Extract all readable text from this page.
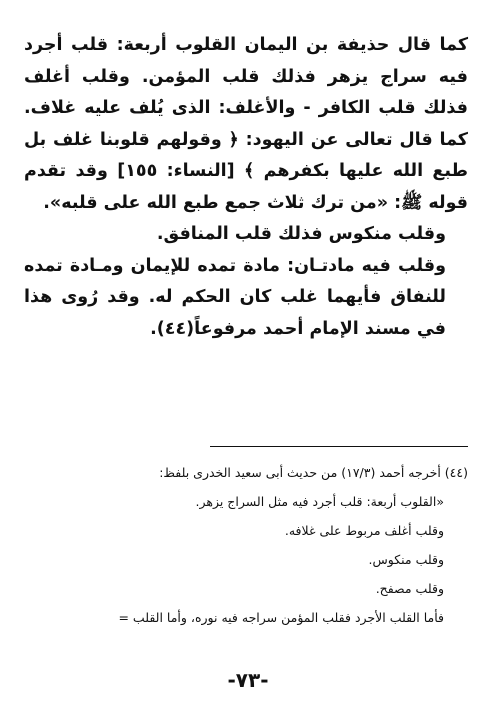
كما قال حذيفة بن اليمان القلوب أربعة: قلب أجرد فيه سراج يزهر فذلك قلب المؤمن. وقلب أغلف فذلك قلب الكافر - والأغلف: الذى يُلف عليه غلاف. كما قال تعالى عن اليهود: ﴿ وقولهم قلوبنا غلف بل طبع الله عليها بكفرهم ﴾ [النساء: ١٥٥] وقد تقدم قوله ﷺ: «من ترك ثلاث جمع طبع الله على قلبه».

وقلب منكوس فذلك قلب المنافق.

وقلب فيه مادتـان: مادة تمده للإيمان ومـادة تمده للنفاق فأيهما غلب كان الحكم له. وقد رُوى هذا في مسند الإمام أحمد مرفوعاً(٤٤).

(٤٤) أخرجه أحمد (١٧/٣) من حديث أبى سعيد الخدرى بلفظ:

«القلوب أربعة: قلب أجرد فيه مثل السراج يزهر.

وقلب أغلف مربوط على غلافه.

وقلب منكوس.

وقلب مصفح.

فأما القلب الأجرد فقلب المؤمن سراجه فيه نوره، وأما القلب =

-٧٣-
